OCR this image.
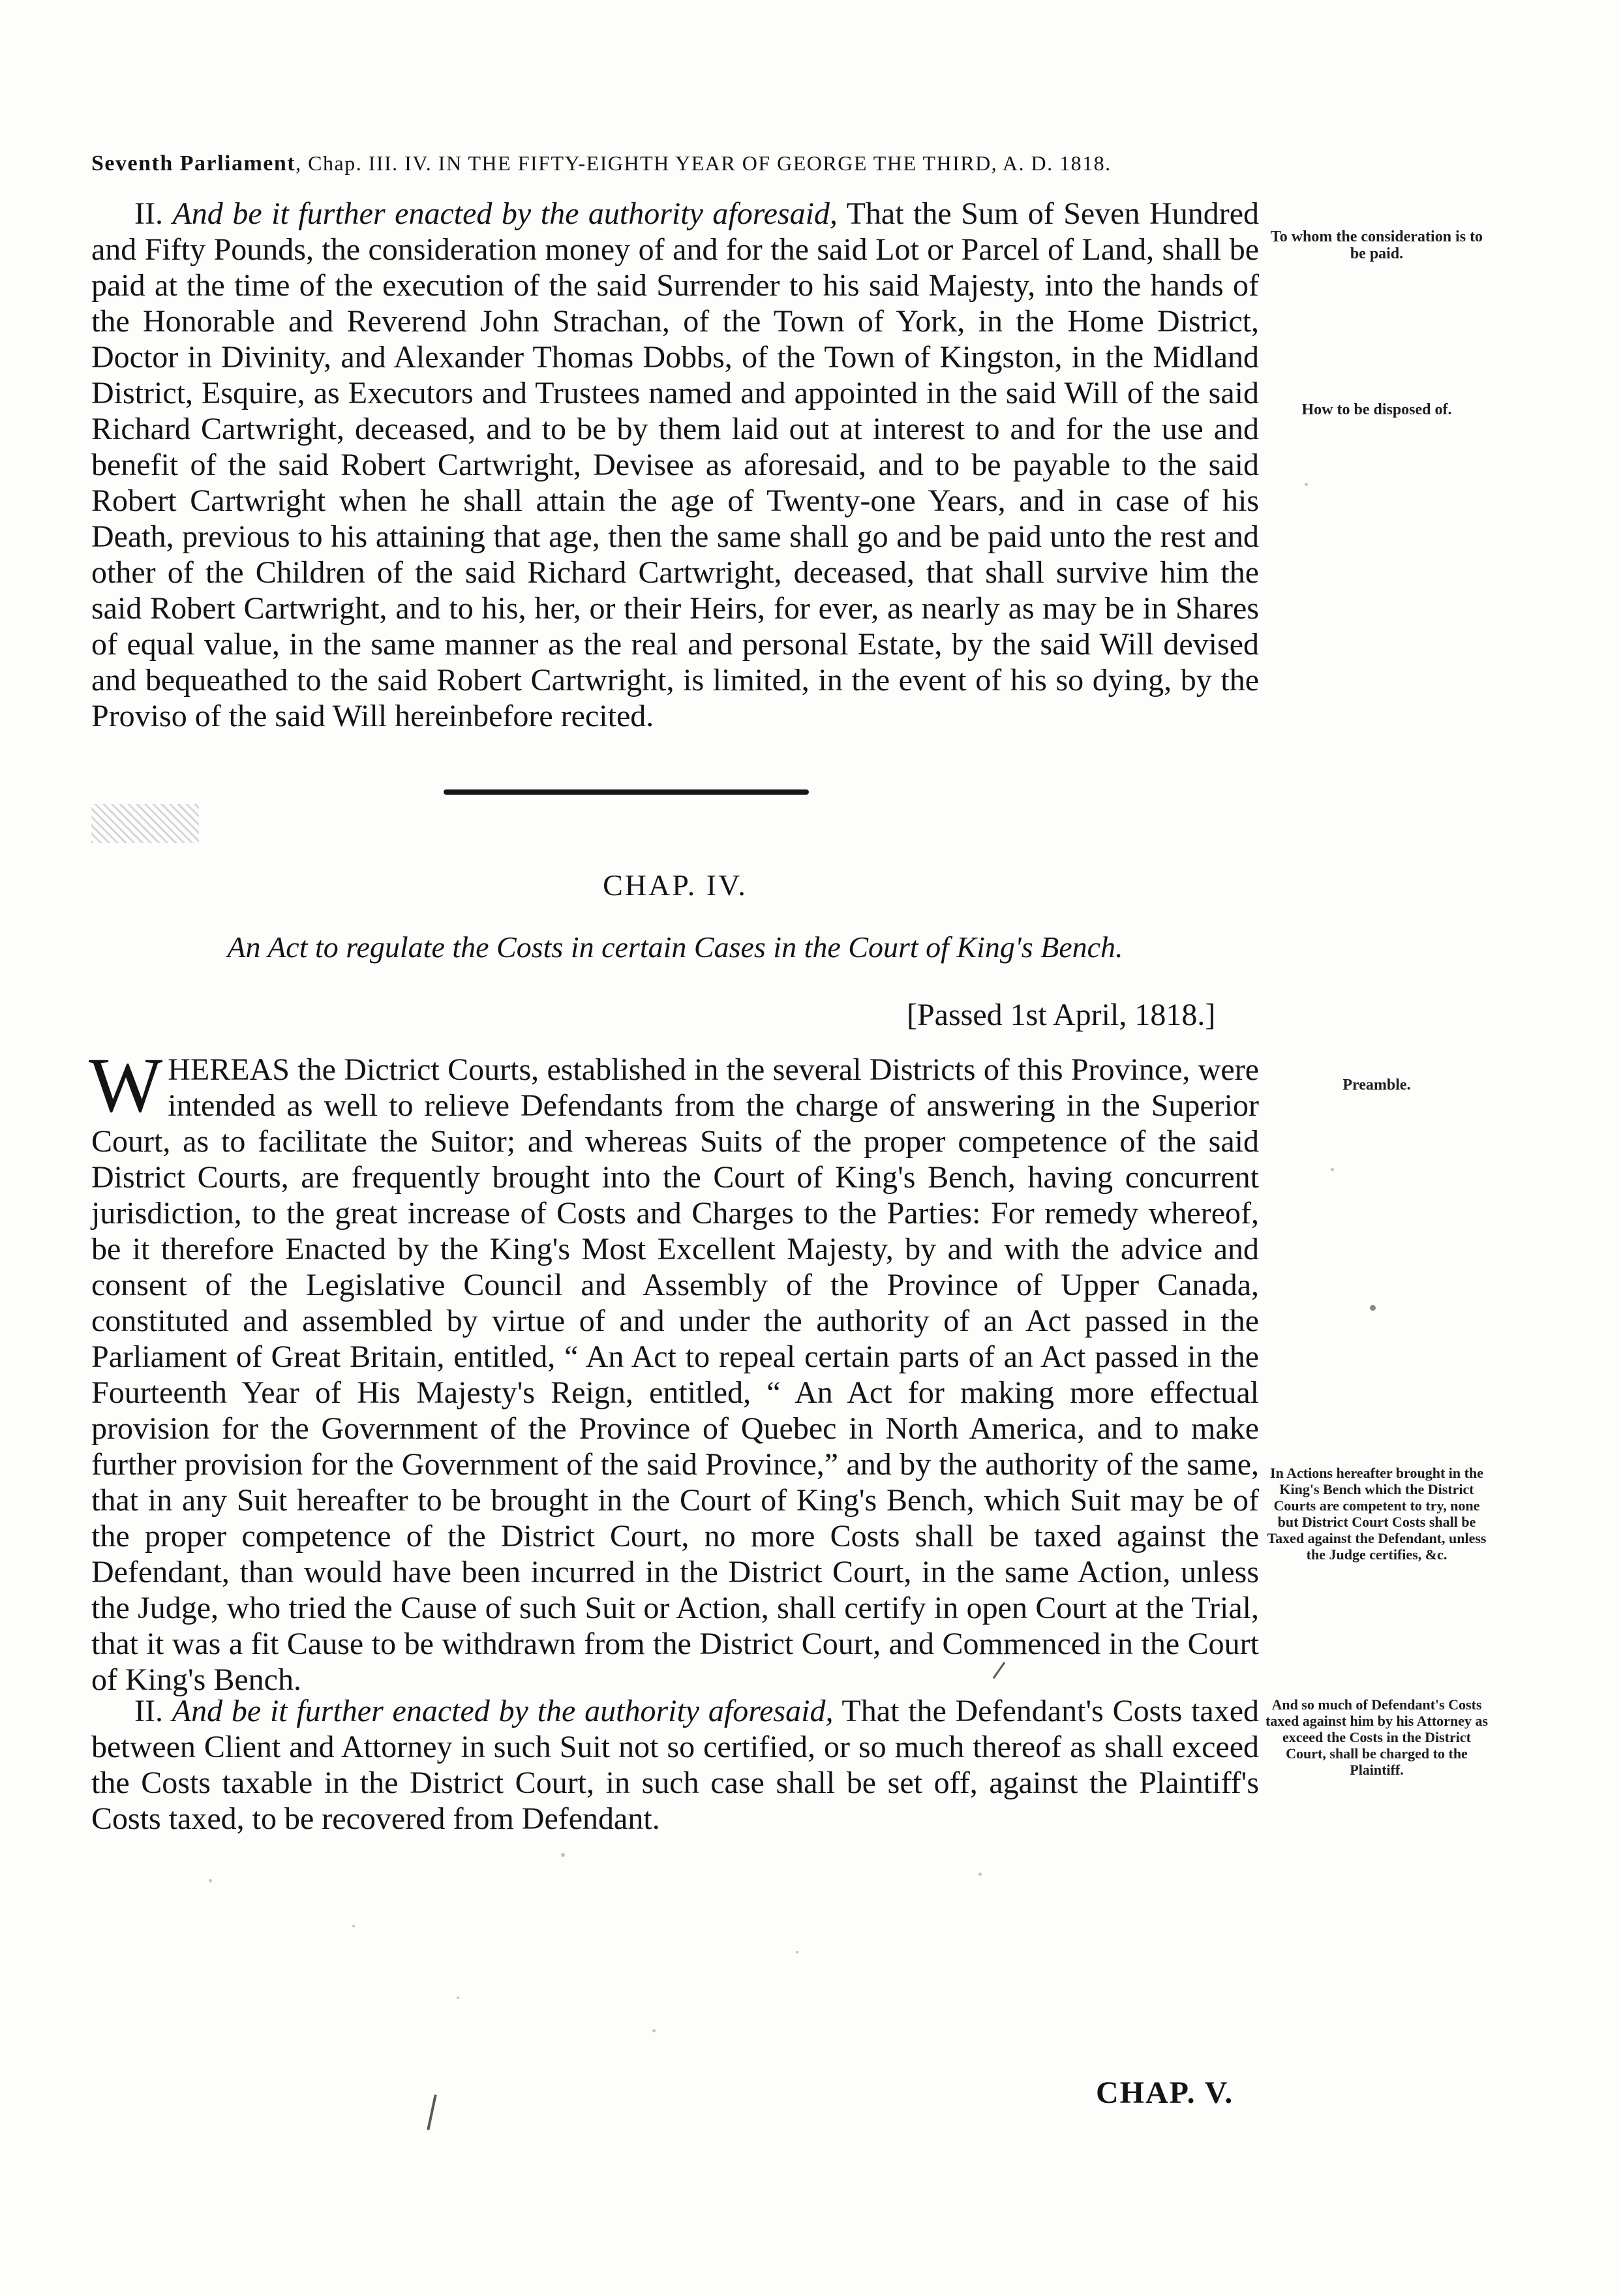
Seventh Parliament, Chap. III. IV. IN THE FIFTY-EIGHTH YEAR OF GEORGE THE THIRD, A. D. 1818.

II. And be it further enacted by the authority aforesaid, That the Sum of Seven Hundred and Fifty Pounds, the consideration money of and for the said Lot or Parcel of Land, shall be paid at the time of the execution of the said Surrender to his said Majesty, into the hands of the Honorable and Reverend John Strachan, of the Town of York, in the Home District, Doctor in Divinity, and Alexander Thomas Dobbs, of the Town of Kingston, in the Midland District, Esquire, as Executors and Trustees named and appointed in the said Will of the said Richard Cartwright, deceased, and to be by them laid out at interest to and for the use and benefit of the said Robert Cartwright, Devisee as aforesaid, and to be payable to the said Robert Cartwright when he shall attain the age of Twenty-one Years, and in case of his Death, previous to his attaining that age, then the same shall go and be paid unto the rest and other of the Children of the said Richard Cartwright, deceased, that shall survive him the said Robert Cartwright, and to his, her, or their Heirs, for ever, as nearly as may be in Shares of equal value, in the same manner as the real and personal Estate, by the said Will devised and bequeathed to the said Robert Cartwright, is limited, in the event of his so dying, by the Proviso of the said Will hereinbefore recited.

To whom the consideration is to be paid.
How to be disposed of.
CHAP. IV.
An Act to regulate the Costs in certain Cases in the Court of King's Bench.
[Passed 1st April, 1818.]
Preamble.
In Actions hereafter brought in the King's Bench which the District Courts are competent to try, none but District Court Costs shall be Taxed against the Defendant, unless the Judge certifies, &c.
And so much of Defendant's Costs taxed against him by his Attorney as exceed the Costs in the District Court, shall be charged to the Plaintiff.

WHEREAS the Dictrict Courts, established in the several Districts of this Province, were intended as well to relieve Defendants from the charge of answering in the Superior Court, as to facilitate the Suitor; and whereas Suits of the proper competence of the said District Courts, are frequently brought into the Court of King's Bench, having concurrent jurisdiction, to the great increase of Costs and Charges to the Parties: For remedy whereof, be it therefore Enacted by the King's Most Excellent Majesty, by and with the advice and consent of the Legislative Council and Assembly of the Province of Upper Canada, constituted and assembled by virtue of and under the authority of an Act passed in the Parliament of Great Britain, entitled, “ An Act to repeal certain parts of an Act passed in the Fourteenth Year of His Majesty's Reign, entitled, “ An Act for making more effectual provision for the Government of the Province of Quebec in North America, and to make further provision for the Government of the said Province,” and by the authority of the same, that in any Suit hereafter to be brought in the Court of King's Bench, which Suit may be of the proper competence of the District Court, no more Costs shall be taxed against the Defendant, than would have been incurred in the District Court, in the same Action, unless the Judge, who tried the Cause of such Suit or Action, shall certify in open Court at the Trial, that it was a fit Cause to be withdrawn from the District Court, and Commenced in the Court of King's Bench.

II. And be it further enacted by the authority aforesaid, That the Defendant's Costs taxed between Client and Attorney in such Suit not so certified, or so much thereof as shall exceed the Costs taxable in the District Court, in such case shall be set off, against the Plaintiff's Costs taxed, to be recovered from Defendant.

CHAP. V.
